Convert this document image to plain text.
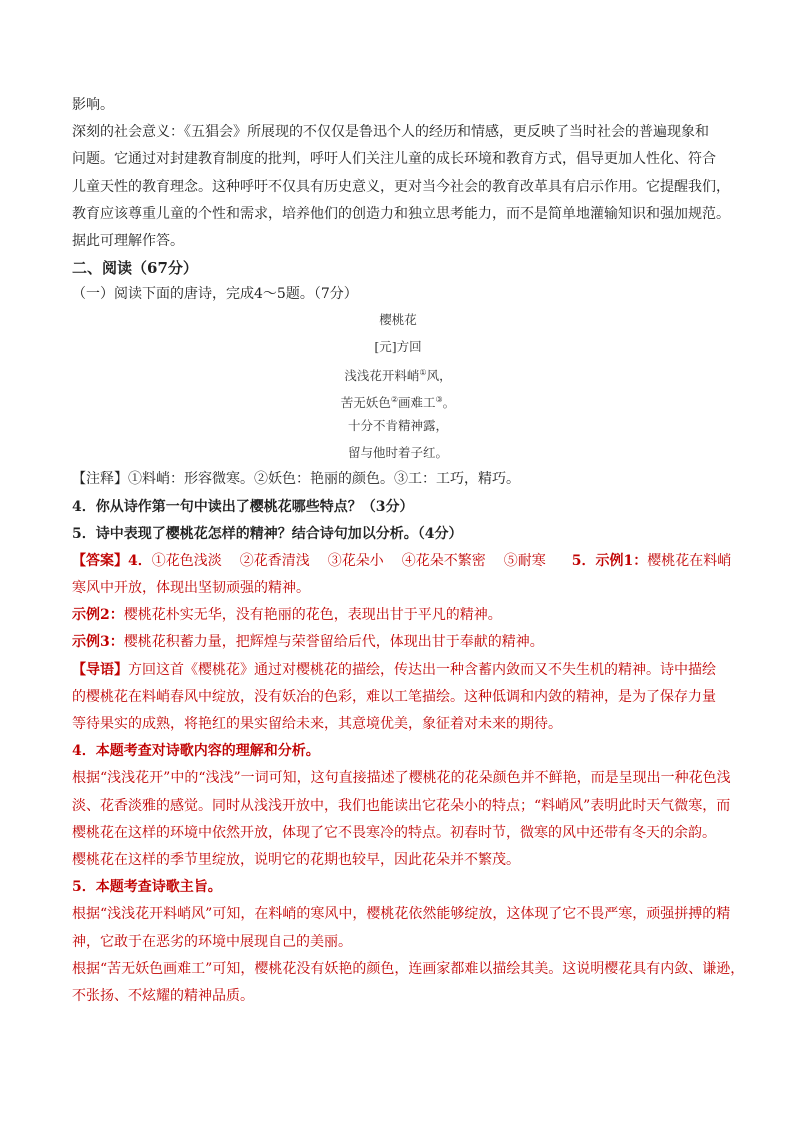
影响。
深刻的社会意义：《五猖会》所展现的不仅仅是鲁迅个人的经历和情感，更反映了当时社会的普遍现象和
问题。它通过对封建教育制度的批判，呼吁人们关注儿童的成长环境和教育方式，倡导更加人性化、符合
儿童天性的教育理念。这种呼吁不仅具有历史意义，更对当今社会的教育改革具有启示作用。它提醒我们，
教育应该尊重儿童的个性和需求，培养他们的创造力和独立思考能力，而不是简单地灌输知识和强加规范。
据此可理解作答。
二、阅读（67分）
（一）阅读下面的唐诗，完成4～5题。（7分）
樱桃花
[元]方回
浅浅花开料峭①风，
苦无妖色②画难工③。
十分不肯精神露，
留与他时着子红。
【注释】①料峭：形容微寒。②妖色：艳丽的颜色。③工：工巧，精巧。
4．你从诗作第一句中读出了樱桃花哪些特点？（3分）
5．诗中表现了樱桃花怎样的精神？结合诗句加以分析。（4分）
【答案】4．①花色浅淡 ②花香清浅 ③花朵小 ④花朵不繁密 ⑤耐寒 5．示例1：樱桃花在料峭
寒风中开放，体现出坚韧顽强的精神。
示例2：樱桃花朴实无华，没有艳丽的花色，表现出甘于平凡的精神。
示例3：樱桃花积蓄力量，把辉煌与荣誉留给后代，体现出甘于奉献的精神。
【导语】方回这首《樱桃花》通过对樱桃花的描绘，传达出一种含蓄内敛而又不失生机的精神。诗中描绘
的樱桃花在料峭春风中绽放，没有妖冶的色彩，难以工笔描绘。这种低调和内敛的精神，是为了保存力量
等待果实的成熟，将艳红的果实留给未来，其意境优美，象征着对未来的期待。
4．本题考查对诗歌内容的理解和分析。
根据“浅浅花开”中的“浅浅”一词可知，这句直接描述了樱桃花的花朵颜色并不鲜艳，而是呈现出一种花色浅
淡、花香淡雅的感觉。同时从浅浅开放中，我们也能读出它花朵小的特点；“料峭风”表明此时天气微寒，而
樱桃花在这样的环境中依然开放，体现了它不畏寒冷的特点。初春时节，微寒的风中还带有冬天的余韵。
樱桃花在这样的季节里绽放，说明它的花期也较早，因此花朵并不繁茂。
5．本题考查诗歌主旨。
根据“浅浅花开料峭风”可知，在料峭的寒风中，樱桃花依然能够绽放，这体现了它不畏严寒，顽强拼搏的精
神，它敢于在恶劣的环境中展现自己的美丽。
根据“苦无妖色画难工”可知，樱桃花没有妖艳的颜色，连画家都难以描绘其美。这说明樱花具有内敛、谦逊，
不张扬、不炫耀的精神品质。
